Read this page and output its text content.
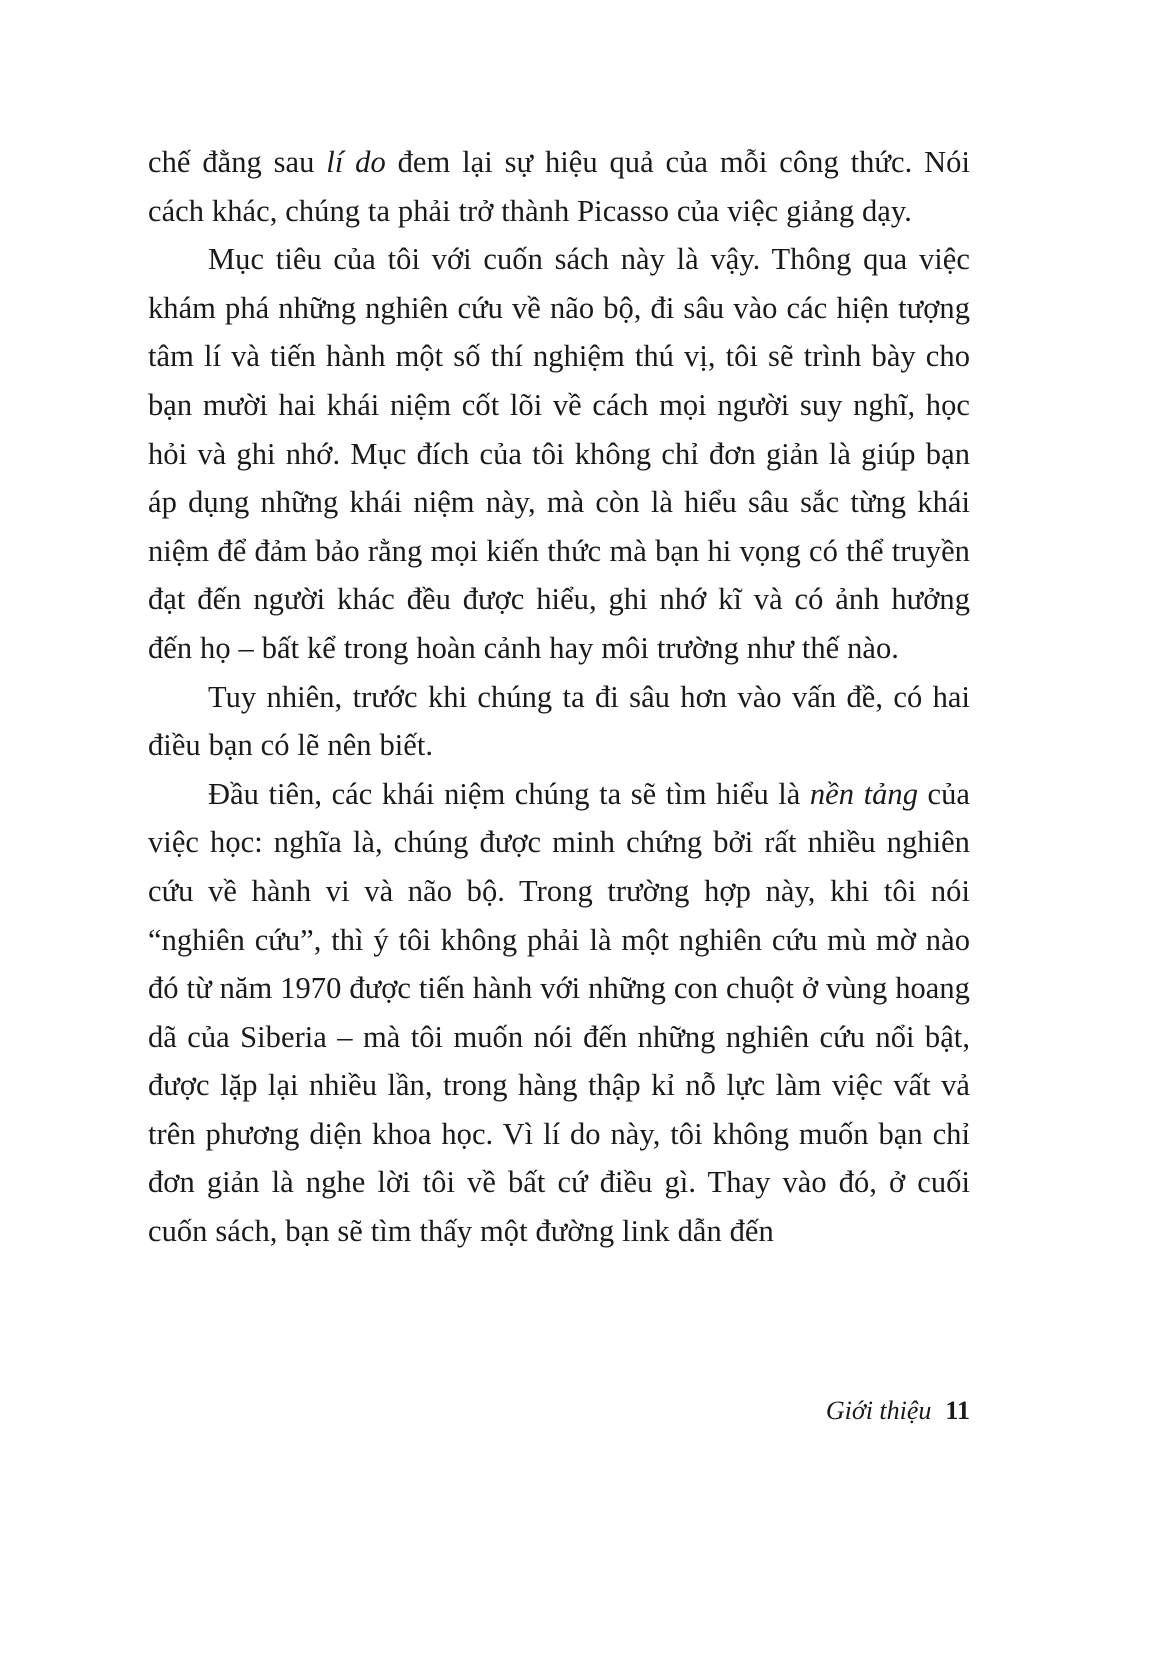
chế đằng sau lí do đem lại sự hiệu quả của mỗi công thức. Nói cách khác, chúng ta phải trở thành Picasso của việc giảng dạy.

Mục tiêu của tôi với cuốn sách này là vậy. Thông qua việc khám phá những nghiên cứu về não bộ, đi sâu vào các hiện tượng tâm lí và tiến hành một số thí nghiệm thú vị, tôi sẽ trình bày cho bạn mười hai khái niệm cốt lõi về cách mọi người suy nghĩ, học hỏi và ghi nhớ. Mục đích của tôi không chỉ đơn giản là giúp bạn áp dụng những khái niệm này, mà còn là hiểu sâu sắc từng khái niệm để đảm bảo rằng mọi kiến thức mà bạn hi vọng có thể truyền đạt đến người khác đều được hiểu, ghi nhớ kĩ và có ảnh hưởng đến họ – bất kể trong hoàn cảnh hay môi trường như thế nào.

Tuy nhiên, trước khi chúng ta đi sâu hơn vào vấn đề, có hai điều bạn có lẽ nên biết.

Đầu tiên, các khái niệm chúng ta sẽ tìm hiểu là nền tảng của việc học: nghĩa là, chúng được minh chứng bởi rất nhiều nghiên cứu về hành vi và não bộ. Trong trường hợp này, khi tôi nói “nghiên cứu”, thì ý tôi không phải là một nghiên cứu mù mờ nào đó từ năm 1970 được tiến hành với những con chuột ở vùng hoang dã của Siberia – mà tôi muốn nói đến những nghiên cứu nổi bật, được lặp lại nhiều lần, trong hàng thập kỉ nỗ lực làm việc vất vả trên phương diện khoa học. Vì lí do này, tôi không muốn bạn chỉ đơn giản là nghe lời tôi về bất cứ điều gì. Thay vào đó, ở cuối cuốn sách, bạn sẽ tìm thấy một đường link dẫn đến

Giới thiệu 11
